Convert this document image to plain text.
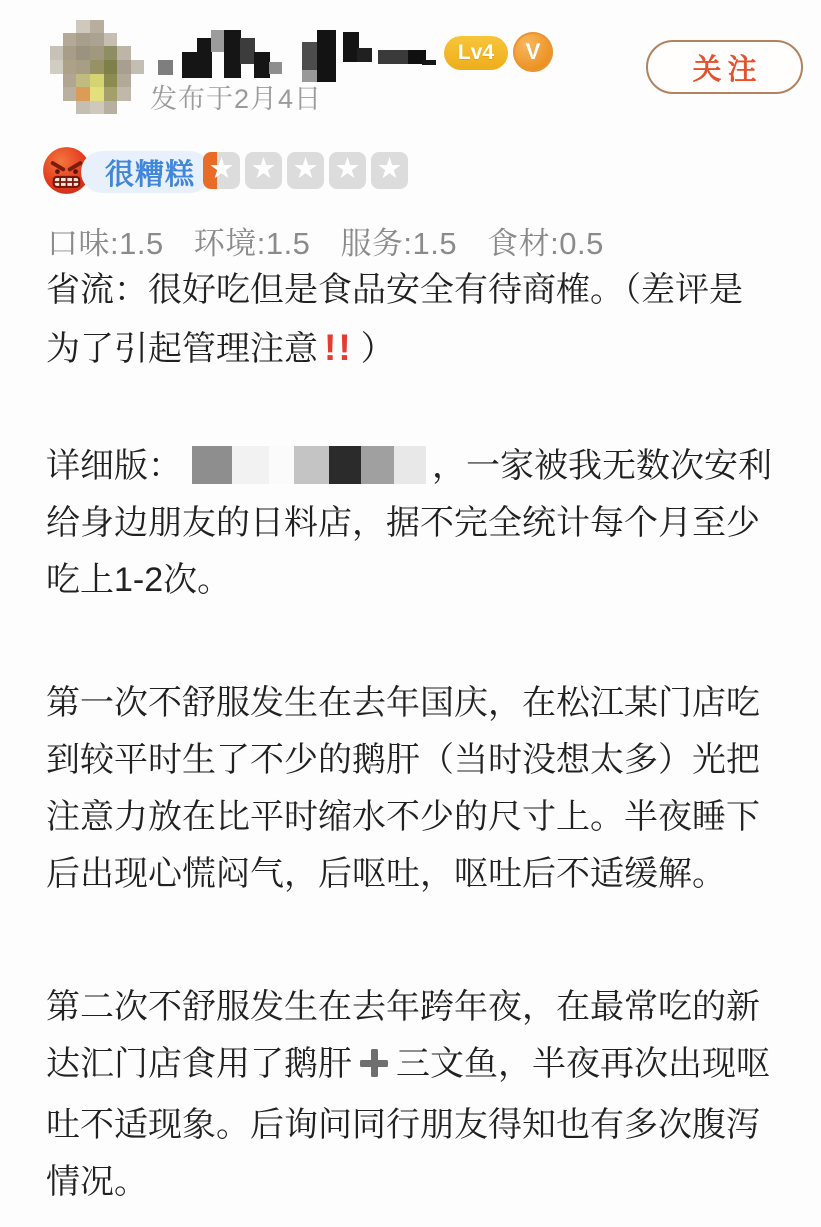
Lv4	V
发布于2月4日
关注
很糟糕 ★ ★ ★ ★ ★
口味:1.5 环境:1.5 服务:1.5 食材:0.5
省流：很好吃但是食品安全有待商榷。（差评是
为了引起管理注意 !! ）
详细版：	，一家被我无数次安利
给身边朋友的日料店，据不完全统计每个月至少
吃上1-2次。
第一次不舒服发生在去年国庆，在松江某门店吃
到较平时生了不少的鹅肝（当时没想太多）光把
注意力放在比平时缩水不少的尺寸上。半夜睡下
后出现心慌闷气，后呕吐，呕吐后不适缓解。
第二次不舒服发生在去年跨年夜，在最常吃的新
达汇门店食用了鹅肝 三文鱼，半夜再次出现呕
吐不适现象。后询问同行朋友得知也有多次腹泻
情况。
